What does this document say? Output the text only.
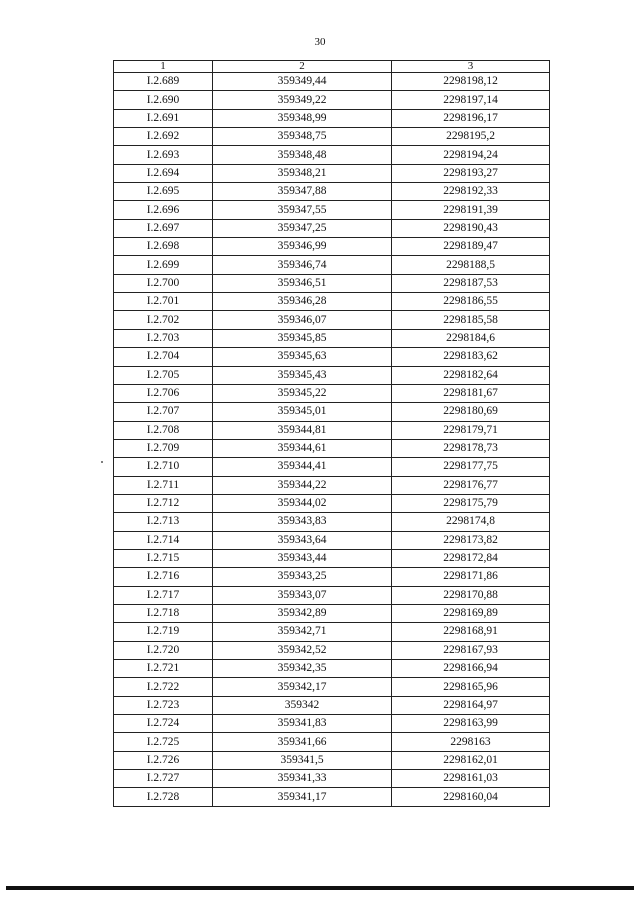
30
1	2	3
I.2.689	359349,44	2298198,12
I.2.690	359349,22	2298197,14
I.2.691	359348,99	2298196,17
I.2.692	359348,75	2298195,2
I.2.693	359348,48	2298194,24
I.2.694	359348,21	2298193,27
I.2.695	359347,88	2298192,33
I.2.696	359347,55	2298191,39
I.2.697	359347,25	2298190,43
I.2.698	359346,99	2298189,47
I.2.699	359346,74	2298188,5
I.2.700	359346,51	2298187,53
I.2.701	359346,28	2298186,55
I.2.702	359346,07	2298185,58
I.2.703	359345,85	2298184,6
I.2.704	359345,63	2298183,62
I.2.705	359345,43	2298182,64
I.2.706	359345,22	2298181,67
I.2.707	359345,01	2298180,69
I.2.708	359344,81	2298179,71
I.2.709	359344,61	2298178,73
I.2.710	359344,41	2298177,75
I.2.711	359344,22	2298176,77
I.2.712	359344,02	2298175,79
I.2.713	359343,83	2298174,8
I.2.714	359343,64	2298173,82
I.2.715	359343,44	2298172,84
I.2.716	359343,25	2298171,86
I.2.717	359343,07	2298170,88
I.2.718	359342,89	2298169,89
I.2.719	359342,71	2298168,91
I.2.720	359342,52	2298167,93
I.2.721	359342,35	2298166,94
I.2.722	359342,17	2298165,96
I.2.723	359342	2298164,97
I.2.724	359341,83	2298163,99
I.2.725	359341,66	2298163
I.2.726	359341,5	2298162,01
I.2.727	359341,33	2298161,03
I.2.728	359341,17	2298160,04
